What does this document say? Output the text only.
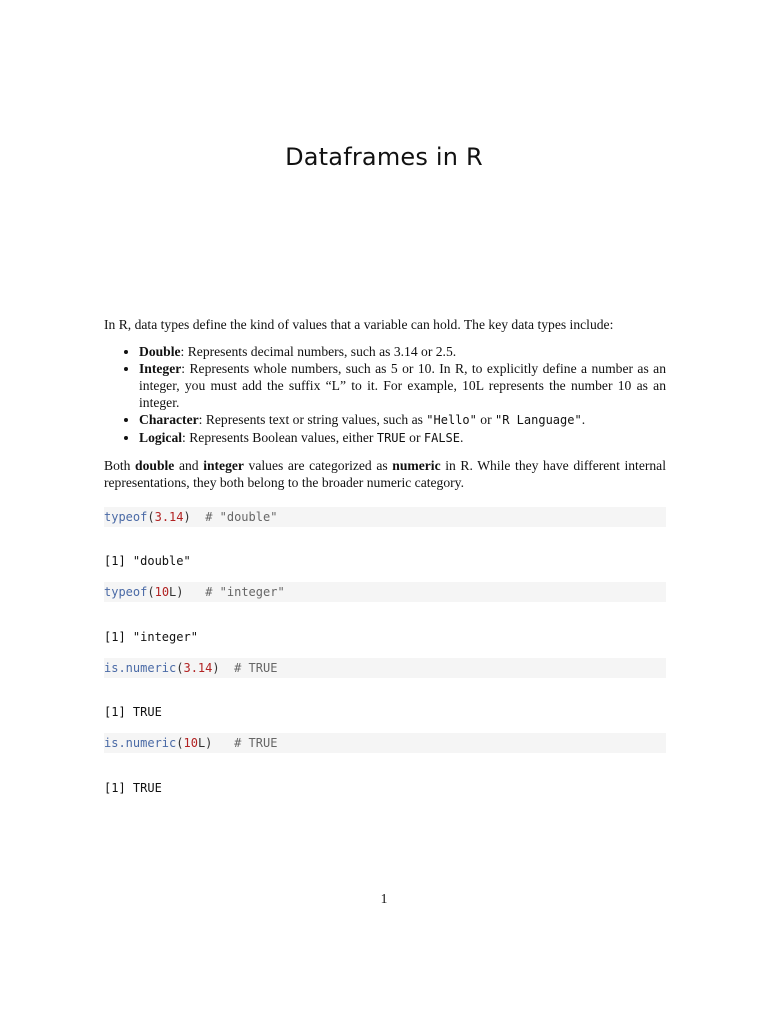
Dataframes in R

In R, data types define the kind of values that a variable can hold. The key data types include:

• Double: Represents decimal numbers, such as 3.14 or 2.5.
• Integer: Represents whole numbers, such as 5 or 10. In R, to explicitly define a number as an integer, you must add the suffix “L” to it. For example, 10L represents the number 10 as an integer.
• Character: Represents text or string values, such as "Hello" or "R Language".
• Logical: Represents Boolean values, either TRUE or FALSE.

Both double and integer values are categorized as numeric in R. While they have different internal representations, they both belong to the broader numeric category.

typeof(3.14) # "double"
[1] "double"
typeof(10L) # "integer"
[1] "integer"
is.numeric(3.14) # TRUE
[1] TRUE
is.numeric(10L) # TRUE
[1] TRUE
1
